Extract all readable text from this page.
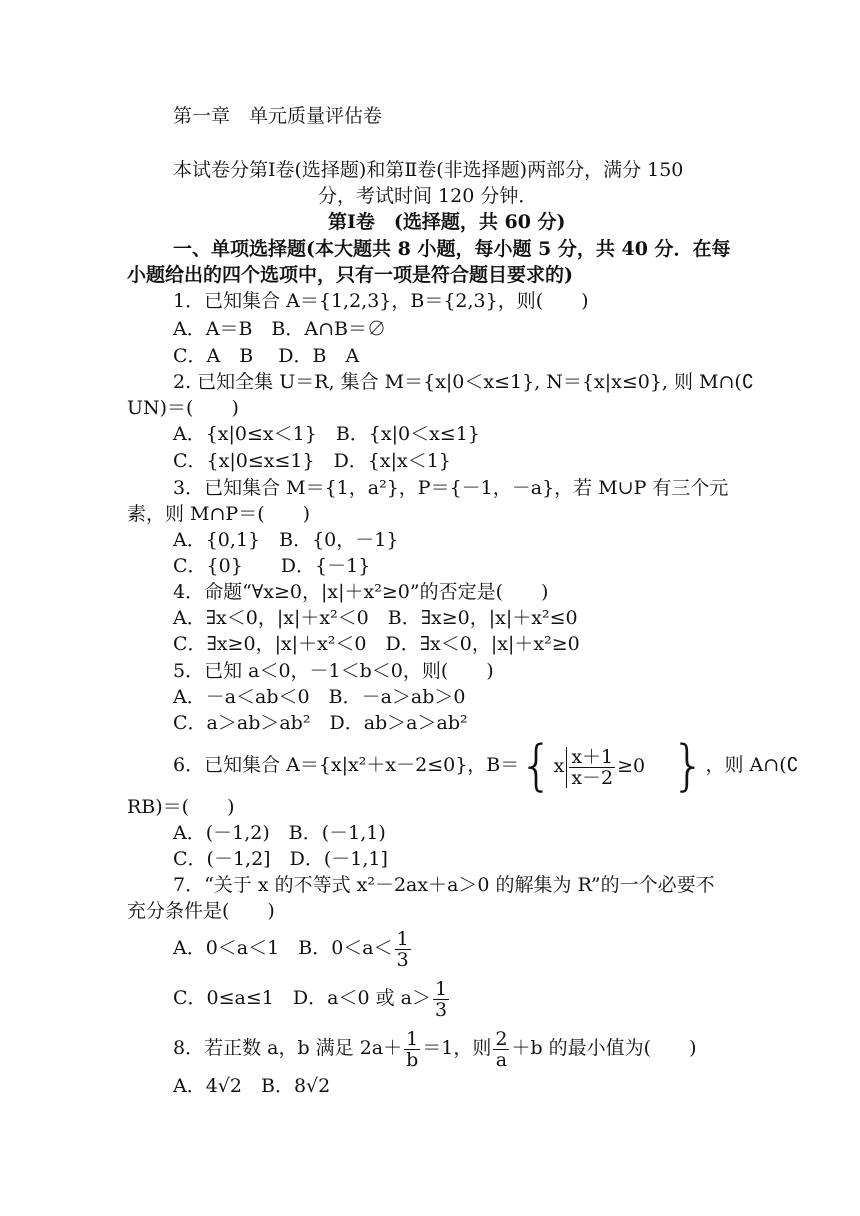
第一章　单元质量评估卷
本试卷分第Ⅰ卷(选择题)和第Ⅱ卷(非选择题)两部分，满分 150
分，考试时间 120 分钟．
第Ⅰ卷　(选择题，共 60 分)
一、单项选择题(本大题共 8 小题，每小题 5 分，共 40 分．在每
小题给出的四个选项中，只有一项是符合题目要求的)
1．已知集合 A＝{1,2,3}，B＝{2,3}，则(　　)
A．A＝B　B．A∩B＝∅
C．A　B　 D．B　A
2. 已知全集 U＝R, 集合 M＝{x|0＜x≤1}, N＝{x|x≤0}, 则 M∩(∁
UN)＝(　　)
A．{x|0≤x＜1}　B．{x|0＜x≤1}
C．{x|0≤x≤1}　D．{x|x＜1}
3．已知集合 M＝{1，a²}，P＝{－1，－a}，若 M∪P 有三个元
素，则 M∩P＝(　　)
A．{0,1}　B．{0，－1}
C．{0}　　D．{－1}
4．命题“∀x≥0，|x|＋x²≥0”的否定是(　　)
A．∃x＜0，|x|＋x²＜0　B．∃x≥0，|x|＋x²≤0
C．∃x≥0，|x|＋x²＜0　D．∃x＜0，|x|＋x²≥0
5．已知 a＜0，－1＜b＜0，则(　　)
A．－a＜ab＜0　B．－a＞ab＞0
C．a＞ab＞ab²　D．ab＞a＞ab²
6．已知集合 A＝{x|x²＋x－2≤0}，$B=\{x \frac{x+1}{x-2} \ge 0$ }，则 A∩(∁
RB)＝(　　)
A．(－1,2)　B．(－1,1)
C．(－1,2]　D．(－1,1]
7．“关于 x 的不等式 x²－2ax＋a＞0 的解集为 R”的一个必要不
充分条件是(　　)
A．0＜a＜1　B．$0<a< \frac{1}{3}$
C．0≤a≤1　D．a＜0 或 $a> \frac{1}{3}$
8．若正数 a，b 满足 $2a+ \frac{1}{b} =1$，则 $\frac{2}{a} +b$ 的最小值为(　　)
A．4√2　B．8√2
